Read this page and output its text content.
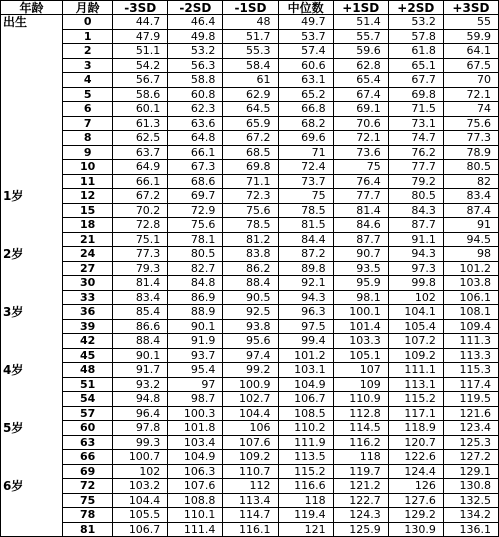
年龄	月龄	-3SD	-2SD	-1SD	中位数	+1SD	+2SD	+3SD
出生	0	44.7	46.4	48	49.7	51.4	53.2	55
	1	47.9	49.8	51.7	53.7	55.7	57.8	59.9
	2	51.1	53.2	55.3	57.4	59.6	61.8	64.1
	3	54.2	56.3	58.4	60.6	62.8	65.1	67.5
	4	56.7	58.8	61	63.1	65.4	67.7	70
	5	58.6	60.8	62.9	65.2	67.4	69.8	72.1
	6	60.1	62.3	64.5	66.8	69.1	71.5	74
	7	61.3	63.6	65.9	68.2	70.6	73.1	75.6
	8	62.5	64.8	67.2	69.6	72.1	74.7	77.3
	9	63.7	66.1	68.5	71	73.6	76.2	78.9
	10	64.9	67.3	69.8	72.4	75	77.7	80.5
	11	66.1	68.6	71.1	73.7	76.4	79.2	82
1岁	12	67.2	69.7	72.3	75	77.7	80.5	83.4
	15	70.2	72.9	75.6	78.5	81.4	84.3	87.4
	18	72.8	75.6	78.5	81.5	84.6	87.7	91
	21	75.1	78.1	81.2	84.4	87.7	91.1	94.5
2岁	24	77.3	80.5	83.8	87.2	90.7	94.3	98
	27	79.3	82.7	86.2	89.8	93.5	97.3	101.2
	30	81.4	84.8	88.4	92.1	95.9	99.8	103.8
	33	83.4	86.9	90.5	94.3	98.1	102	106.1
3岁	36	85.4	88.9	92.5	96.3	100.1	104.1	108.1
	39	86.6	90.1	93.8	97.5	101.4	105.4	109.4
	42	88.4	91.9	95.6	99.4	103.3	107.2	111.3
	45	90.1	93.7	97.4	101.2	105.1	109.2	113.3
4岁	48	91.7	95.4	99.2	103.1	107	111.1	115.3
	51	93.2	97	100.9	104.9	109	113.1	117.4
	54	94.8	98.7	102.7	106.7	110.9	115.2	119.5
	57	96.4	100.3	104.4	108.5	112.8	117.1	121.6
5岁	60	97.8	101.8	106	110.2	114.5	118.9	123.4
	63	99.3	103.4	107.6	111.9	116.2	120.7	125.3
	66	100.7	104.9	109.2	113.5	118	122.6	127.2
	69	102	106.3	110.7	115.2	119.7	124.4	129.1
6岁	72	103.2	107.6	112	116.6	121.2	126	130.8
	75	104.4	108.8	113.4	118	122.7	127.6	132.5
	78	105.5	110.1	114.7	119.4	124.3	129.2	134.2
	81	106.7	111.4	116.1	121	125.9	130.9	136.1
